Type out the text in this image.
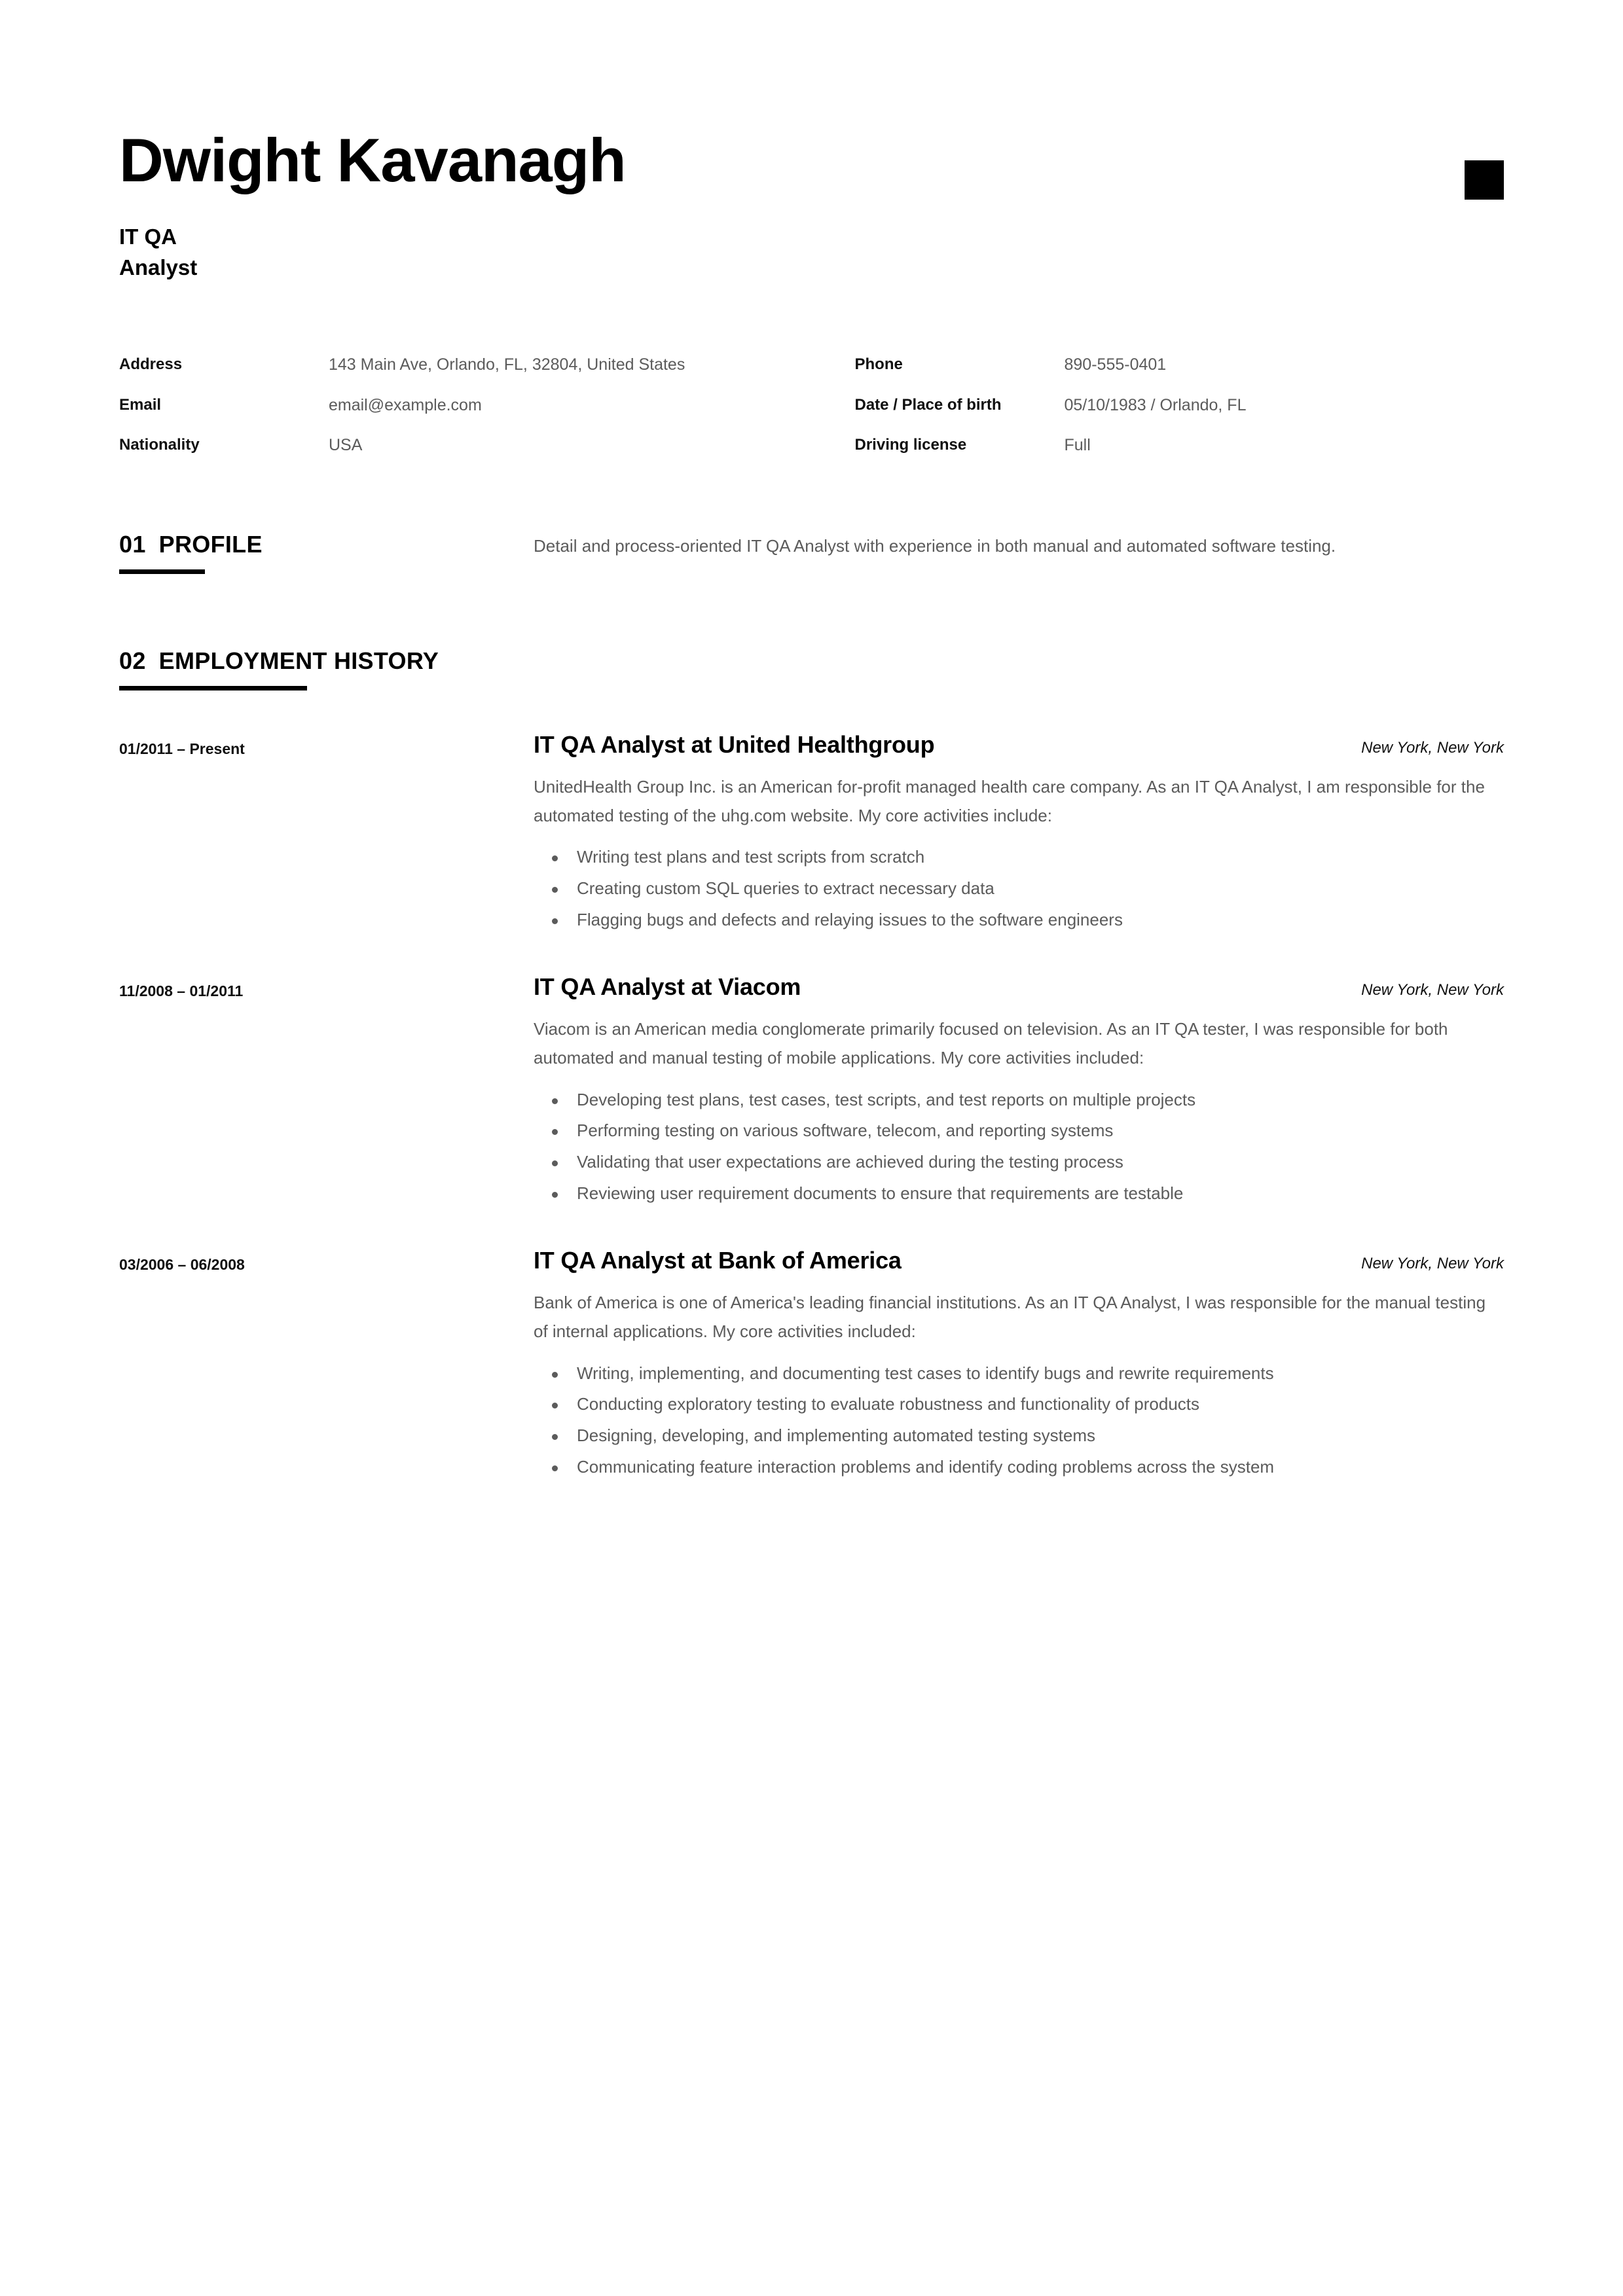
Dwight Kavanagh
IT QA
Analyst
Address	143 Main Ave, Orlando, FL, 32804, United States
Email	email@example.com
Nationality	USA
Phone	890-555-0401
Date / Place of birth	05/10/1983 / Orlando, FL
Driving license	Full
01 PROFILE	Detail and process-oriented IT QA Analyst with experience in both manual and automated software testing.
02 EMPLOYMENT HISTORY
01/2011 – Present	IT QA Analyst at United Healthgroup	New York, New York
UnitedHealth Group Inc. is an American for-profit managed health care company. As an IT QA Analyst, I am responsible for the automated testing of the uhg.com website. My core activities include:
Writing test plans and test scripts from scratch
Creating custom SQL queries to extract necessary data
Flagging bugs and defects and relaying issues to the software engineers
11/2008 – 01/2011	IT QA Analyst at Viacom	New York, New York
Viacom is an American media conglomerate primarily focused on television. As an IT QA tester, I was responsible for both automated and manual testing of mobile applications. My core activities included:
Developing test plans, test cases, test scripts, and test reports on multiple projects
Performing testing on various software, telecom, and reporting systems
Validating that user expectations are achieved during the testing process
Reviewing user requirement documents to ensure that requirements are testable
03/2006 – 06/2008	IT QA Analyst at Bank of America	New York, New York
Bank of America is one of America's leading financial institutions. As an IT QA Analyst, I was responsible for the manual testing of internal applications. My core activities included:
Writing, implementing, and documenting test cases to identify bugs and rewrite requirements
Conducting exploratory testing to evaluate robustness and functionality of products
Designing, developing, and implementing automated testing systems
Communicating feature interaction problems and identify coding problems across the system
